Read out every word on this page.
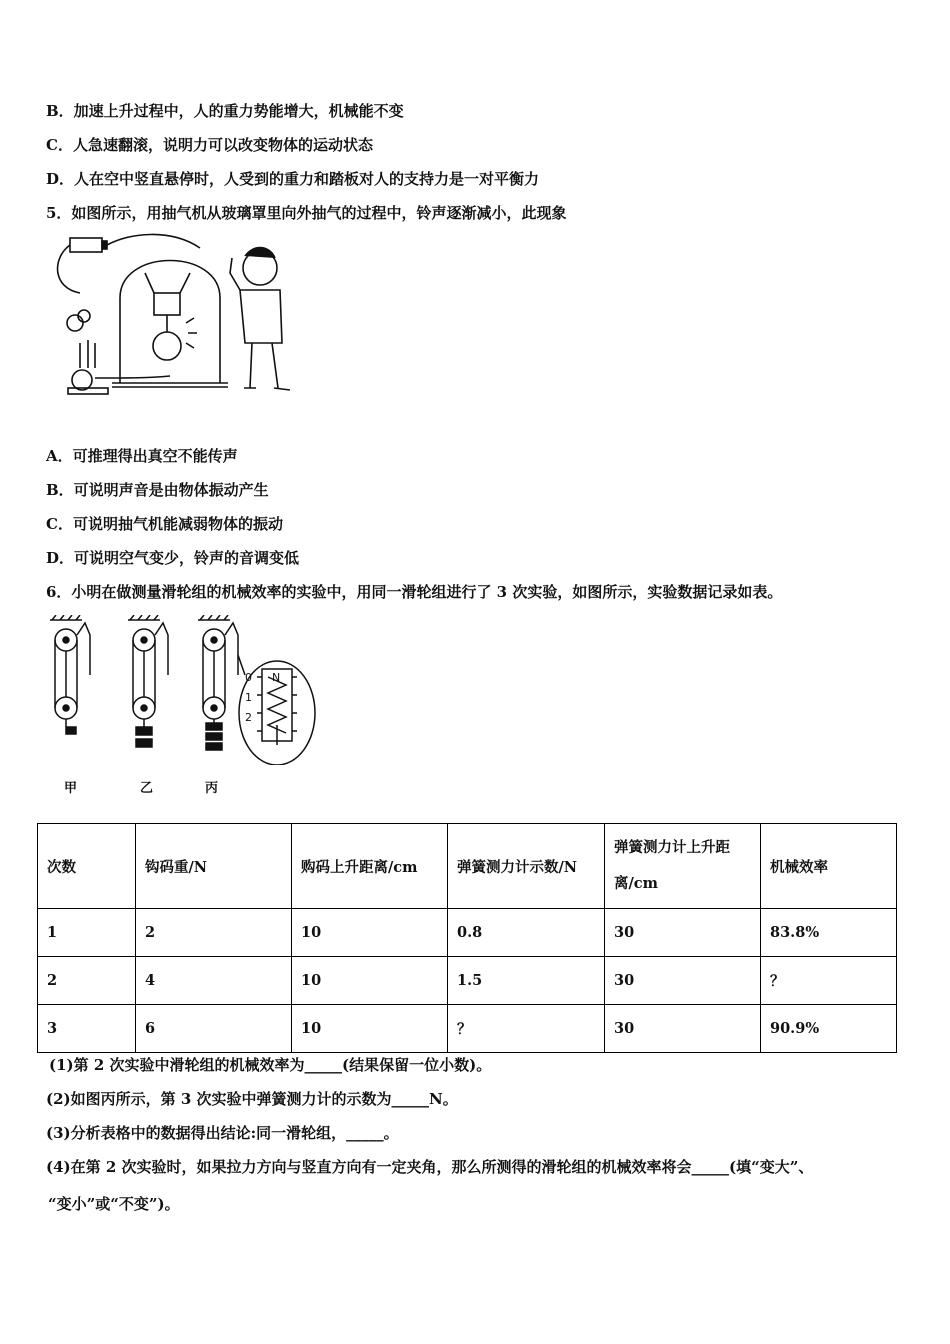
B．加速上升过程中，人的重力势能增大，机械能不变
C．人急速翻滚，说明力可以改变物体的运动状态
D．人在空中竖直悬停时，人受到的重力和踏板对人的支持力是一对平衡力
5．如图所示，用抽气机从玻璃罩里向外抽气的过程中，铃声逐渐减小，此现象
A．可推理得出真空不能传声
B．可说明声音是由物体振动产生
C．可说明抽气机能减弱物体的振动
D．可说明空气变少，铃声的音调变低
6．小明在做测量滑轮组的机械效率的实验中，用同一滑轮组进行了 3 次实验，如图所示，实验数据记录如表。
N
0
1
2
甲	乙	丙
次数	钩码重/N	购码上升距离/cm	弹簧测力计示数/N	弹簧测力计上升距离/cm	机械效率
1	2	10	0.8	30	83.8%
2	4	10	1.5	30	？
3	6	10	？	30	90.9%
(1)第 2 次实验中滑轮组的机械效率为_____(结果保留一位小数)。
(2)如图丙所示，第 3 次实验中弹簧测力计的示数为_____N。
(3)分析表格中的数据得出结论:同一滑轮组，_____。
(4)在第 2 次实验时，如果拉力方向与竖直方向有一定夹角，那么所测得的滑轮组的机械效率将会_____(填“变大”、
“变小”或“不变”)。
